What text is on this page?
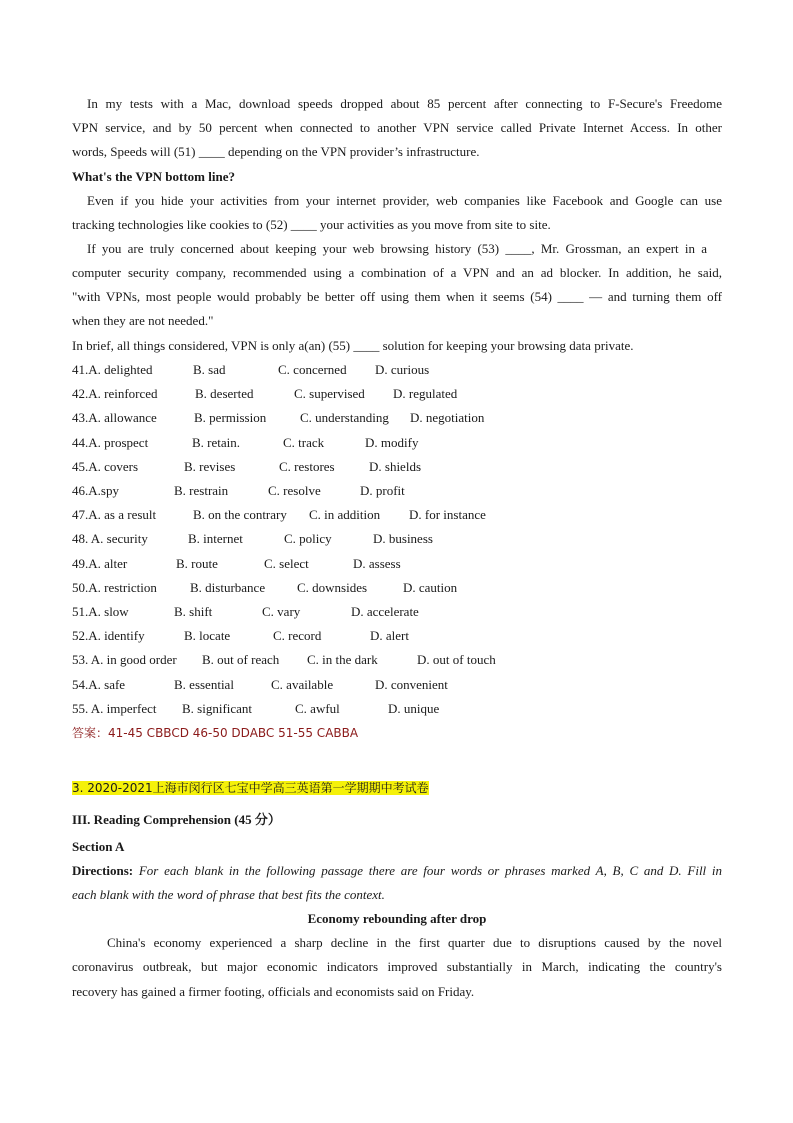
In my tests with a Mac, download speeds dropped about 85 percent after connecting to F-Secure's Freedome
VPN service, and by 50 percent when connected to another VPN service called Private Internet Access. In other
words, Speeds will (51) ____ depending on the VPN provider’s infrastructure.
What's the VPN bottom line?
Even if you hide your activities from your internet provider, web companies like Facebook and Google can use
tracking technologies like cookies to (52) ____ your activities as you move from site to site.
If you are truly concerned about keeping your web browsing history (53) ____, Mr. Grossman, an expert in a
computer security company, recommended using a combination of a VPN and an ad blocker. In addition, he said,
"with VPNs, most people would probably be better off using them when it seems (54) ____ — and turning them off
when they are not needed."
In brief, all things considered, VPN is only a(an) (55) ____ solution for keeping your browsing data private.
41.A. delighted	B. sad	C. concerned D. curious
42.A. reinforced	B. deserted	C. supervised D. regulated
43.A. allowance	B. permission	C. understanding D. negotiation
44.A. prospect	B. retain.	C. track	D. modify
45.A. covers	B. revises	C. restores	D. shields
46.A.spy	B. restrain	C. resolve	D. profit
47.A. as a result	B. on the contrary C. in addition D. for instance
48. A. security	B. internet	C. policy	D. business
49.A. alter	B. route	C. select	D. assess
50.A. restriction	B. disturbance C. downsides	D. caution
51.A. slow	B. shift	C. vary	D. accelerate
52.A. identify	B. locate	C. record	D. alert
53. A. in good order B. out of reach C. in the dark	D. out of touch
54.A. safe	B. essential	C. available	D. convenient
55. A. imperfect B. significant	C. awful	D. unique
答案：41-45 CBBCD 46-50 DDABC 51-55 CABBA
3. 2020-2021上海市闵行区七宝中学高三英语第一学期期中考试卷
III. Reading Comprehension (45 分）
Section A
Directions: For each blank in the following passage there are four words or phrases marked A, B, C and D. Fill in
each blank with the word of phrase that best fits the context.
Economy rebounding after drop
China's economy experienced a sharp decline in the first quarter due to disruptions caused by the novel
coronavirus outbreak, but major economic indicators improved substantially in March, indicating the country's
recovery has gained a firmer footing, officials and economists said on Friday.
